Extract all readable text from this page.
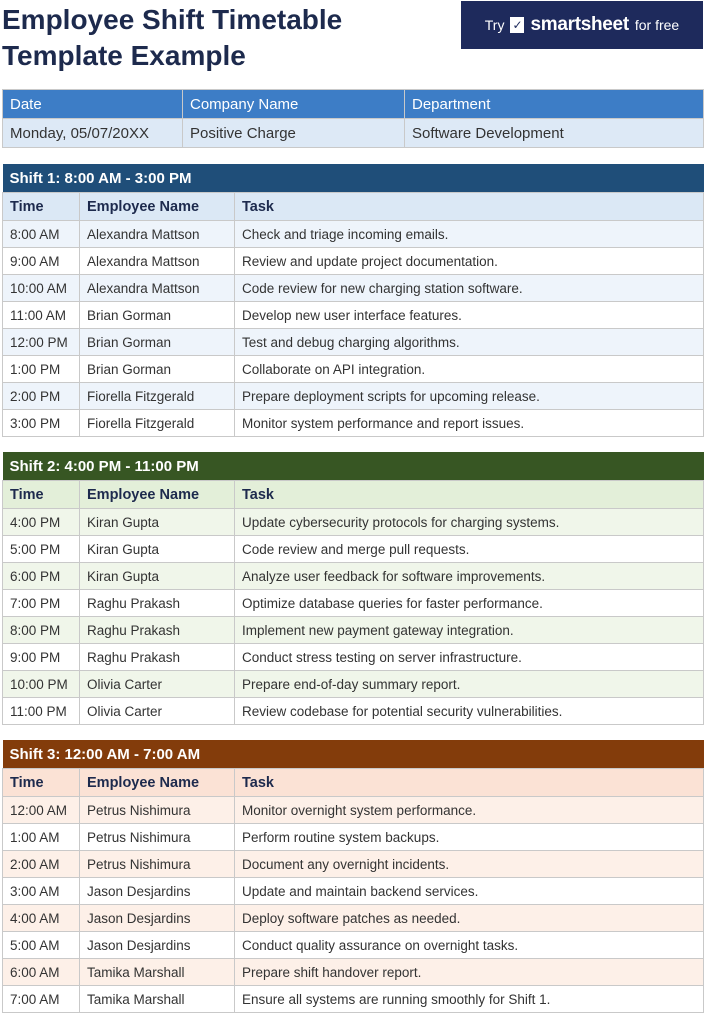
Employee Shift Timetable
Template Example
Try ✓ smartsheet for free
Date	Company Name	Department
Monday, 05/07/20XX	Positive Charge	Software Development
Shift 1: 8:00 AM - 3:00 PM		
Time	Employee Name	Task
8:00 AM	Alexandra Mattson	Check and triage incoming emails.
9:00 AM	Alexandra Mattson	Review and update project documentation.
10:00 AM	Alexandra Mattson	Code review for new charging station software.
11:00 AM	Brian Gorman	Develop new user interface features.
12:00 PM	Brian Gorman	Test and debug charging algorithms.
1:00 PM	Brian Gorman	Collaborate on API integration.
2:00 PM	Fiorella Fitzgerald	Prepare deployment scripts for upcoming release.
3:00 PM	Fiorella Fitzgerald	Monitor system performance and report issues.
Shift 2: 4:00 PM - 11:00 PM		
Time	Employee Name	Task
4:00 PM	Kiran Gupta	Update cybersecurity protocols for charging systems.
5:00 PM	Kiran Gupta	Code review and merge pull requests.
6:00 PM	Kiran Gupta	Analyze user feedback for software improvements.
7:00 PM	Raghu Prakash	Optimize database queries for faster performance.
8:00 PM	Raghu Prakash	Implement new payment gateway integration.
9:00 PM	Raghu Prakash	Conduct stress testing on server infrastructure.
10:00 PM	Olivia Carter	Prepare end-of-day summary report.
11:00 PM	Olivia Carter	Review codebase for potential security vulnerabilities.
Shift 3: 12:00 AM - 7:00 AM		
Time	Employee Name	Task
12:00 AM	Petrus Nishimura	Monitor overnight system performance.
1:00 AM	Petrus Nishimura	Perform routine system backups.
2:00 AM	Petrus Nishimura	Document any overnight incidents.
3:00 AM	Jason Desjardins	Update and maintain backend services.
4:00 AM	Jason Desjardins	Deploy software patches as needed.
5:00 AM	Jason Desjardins	Conduct quality assurance on overnight tasks.
6:00 AM	Tamika Marshall	Prepare shift handover report.
7:00 AM	Tamika Marshall	Ensure all systems are running smoothly for Shift 1.
